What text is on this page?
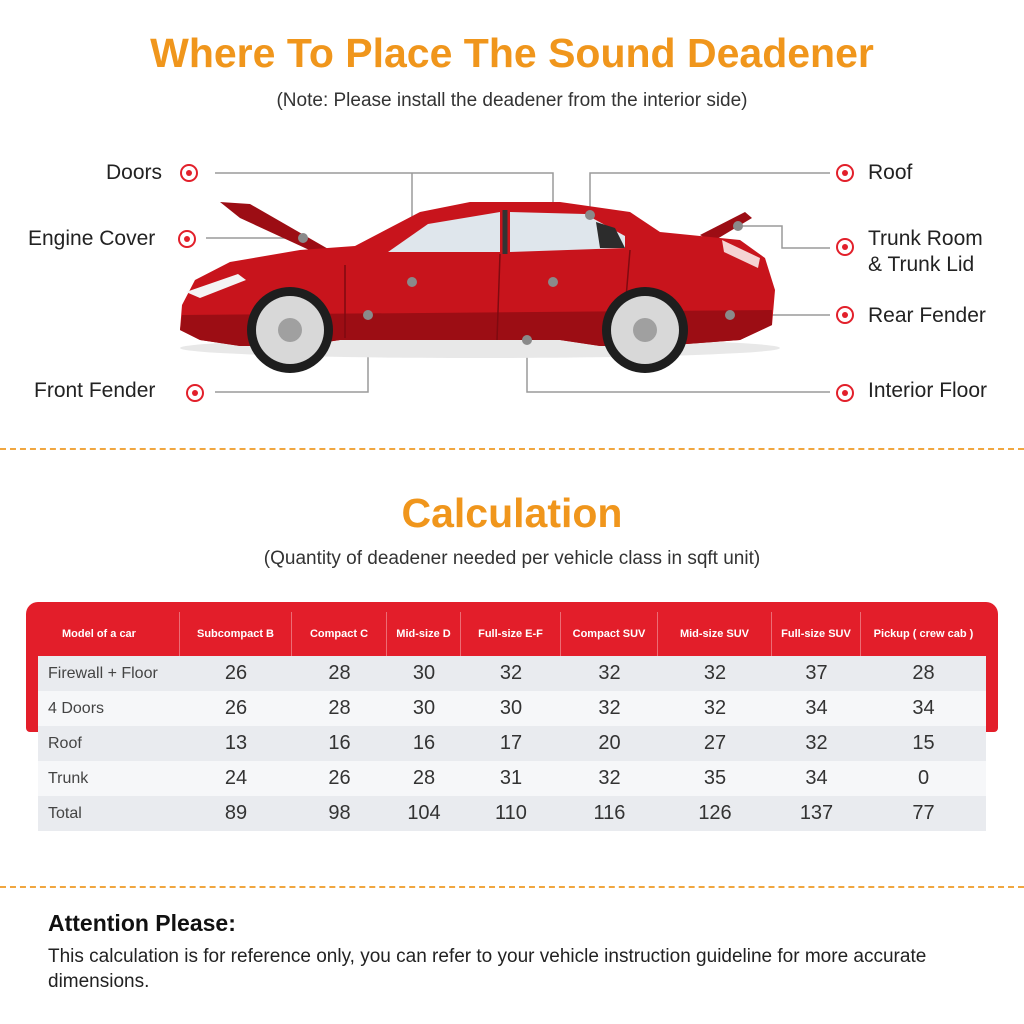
Where To Place The Sound Deadener
(Note: Please install the deadener from the interior side)
Doors
Engine Cover
Front Fender
Roof
Trunk Room
& Trunk Lid
Rear Fender
Interior Floor
Calculation
(Quantity of deadener needed per vehicle class in sqft unit)
Model of a car	Subcompact B	Compact C	Mid-size D	Full-size E-F	Compact SUV	Mid-size SUV	Full-size SUV	Pickup ( crew cab )
Firewall + Floor	26	28	30	32	32	32	37	28
4 Doors	26	28	30	30	32	32	34	34
Roof	13	16	16	17	20	27	32	15
Trunk	24	26	28	31	32	35	34	0
Total	89	98	104	110	116	126	137	77
Attention Please:
This calculation is for reference only, you can refer to your vehicle instruction guideline for more accurate dimensions.
